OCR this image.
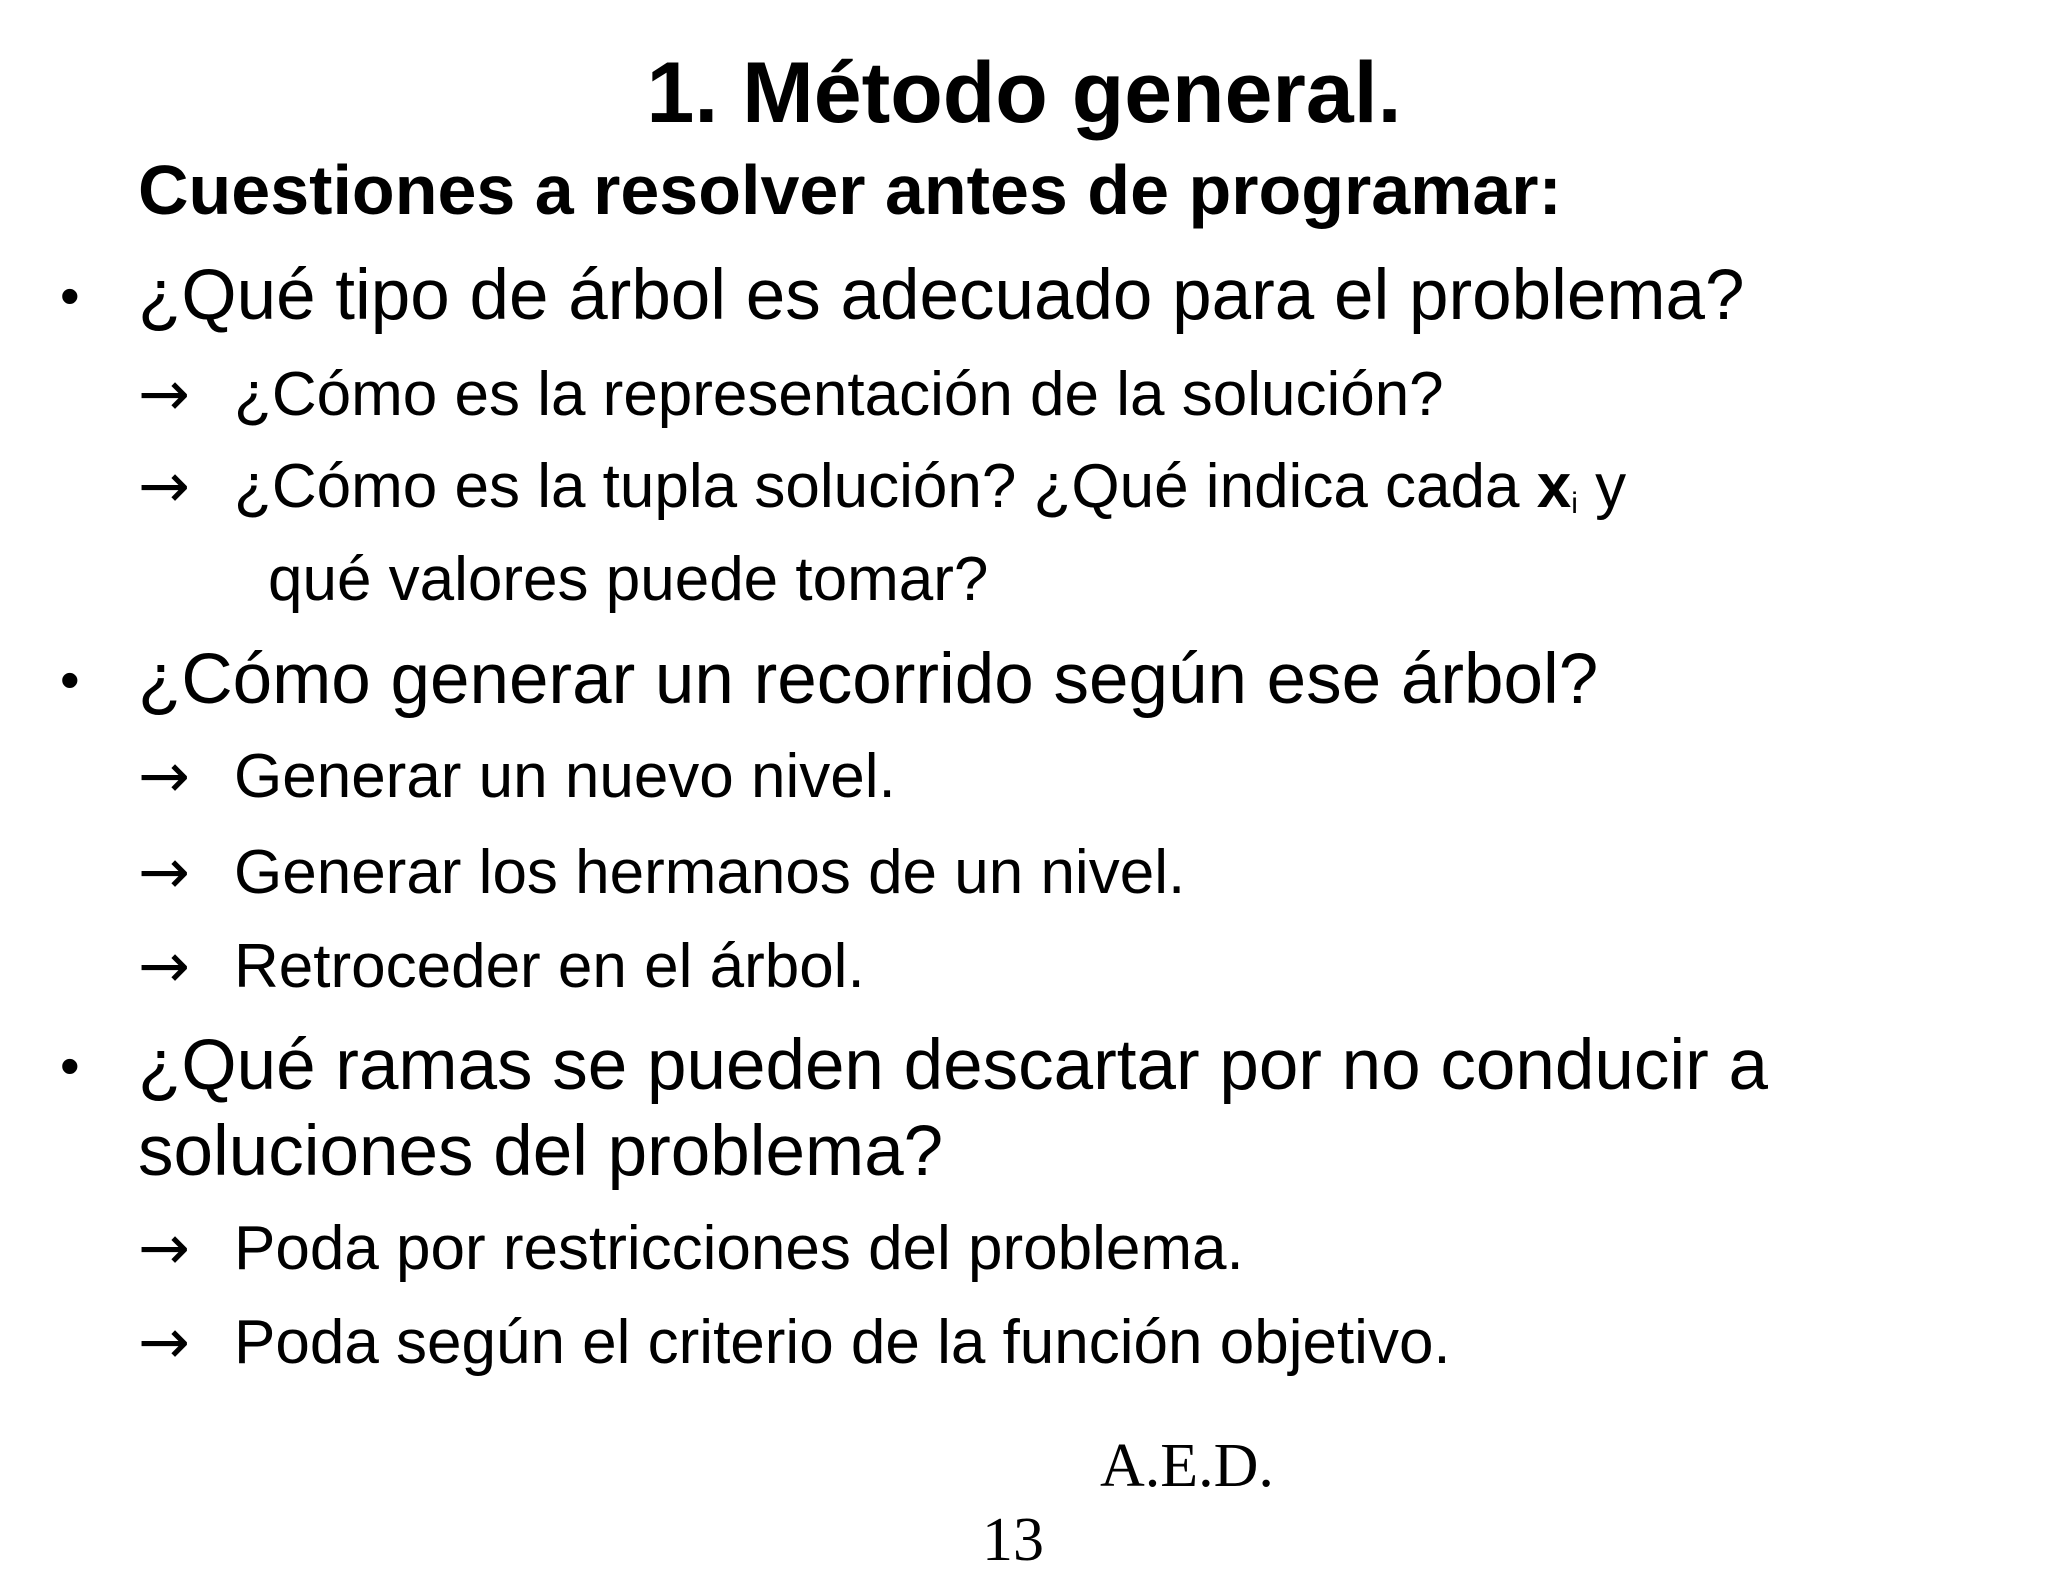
1. Método general.
Cuestiones a resolver antes de programar:
• ¿Qué tipo de árbol es adecuado para el problema?
→ ¿Cómo es la representación de la solución?
→ ¿Cómo es la tupla solución? ¿Qué indica cada xi y
qué valores puede tomar?
• ¿Cómo generar un recorrido según ese árbol?
→ Generar un nuevo nivel.
→ Generar los hermanos de un nivel.
→ Retroceder en el árbol.
• ¿Qué ramas se pueden descartar por no conducir a
soluciones del problema?
→ Poda por restricciones del problema.
→ Poda según el criterio de la función objetivo.
A.E.D.
13
